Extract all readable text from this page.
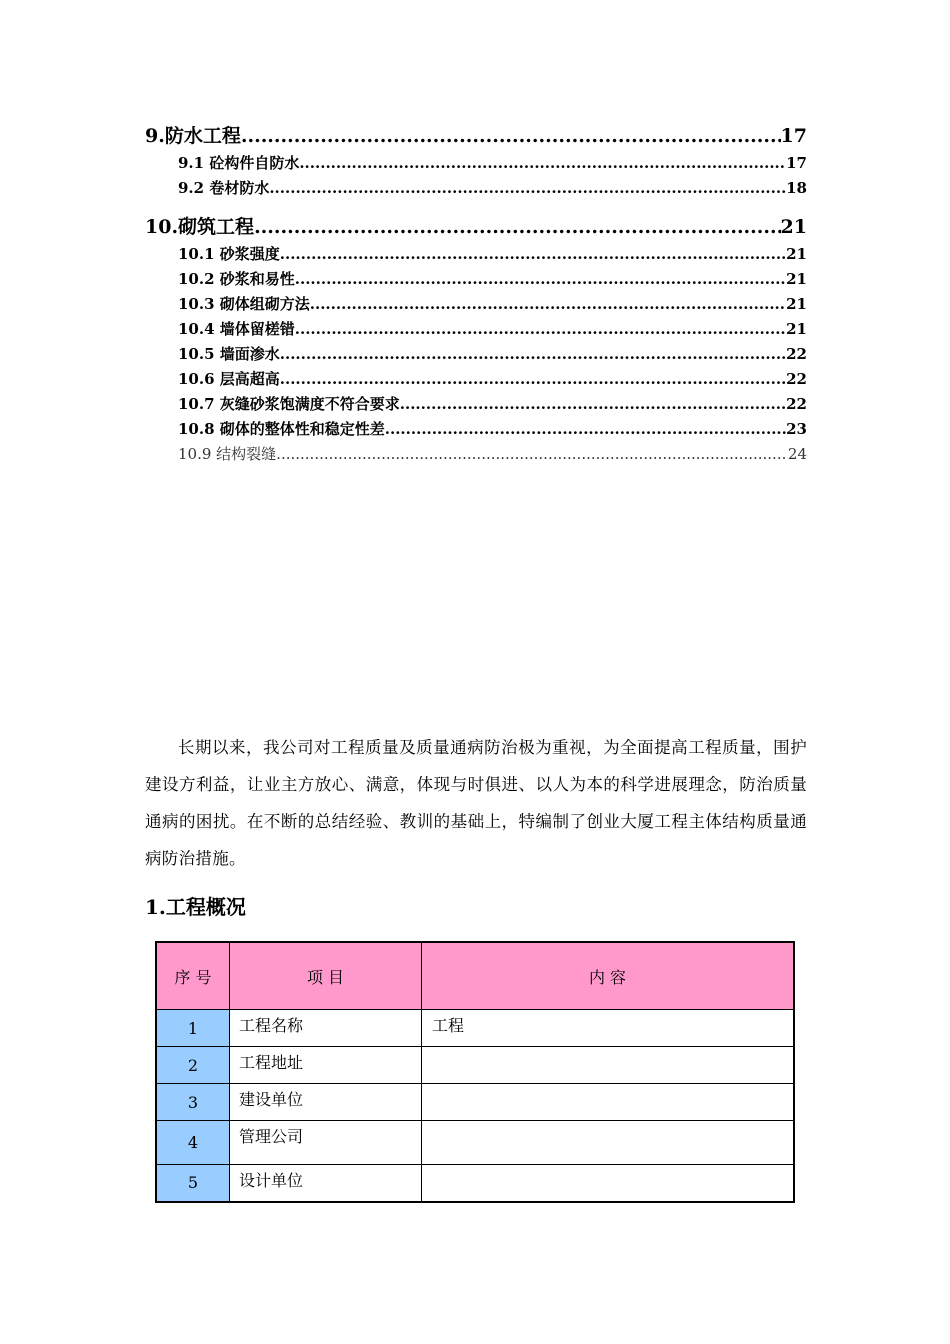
9.防水工程 .....	17
9.1 砼构件自防水 .....	17
9.2 卷材防水 .....	18
10.砌筑工程 .....	21
10.1 砂浆强度 .....	21
10.2 砂浆和易性 .....	21
10.3 砌体组砌方法 .....	21
10.4 墙体留槎错 .....	21
10.5 墙面渗水 .....	22
10.6 层高超高 .....	22
10.7 灰缝砂浆饱满度不符合要求 .....	22
10.8 砌体的整体性和稳定性差 .....	23
10.9 结构裂缝 .....	24

长期以来，我公司对工程质量及质量通病防治极为重视，为全面提高工程质量，围护建设方利益，让业主方放心、满意，体现与时俱进、以人为本的科学进展理念，防治质量通病的困扰。在不断的总结经验、教训的基础上，特编制了创业大厦工程主体结构质量通病防治措施。

1.工程概况
序 号	项 目	内 容
1	工程名称	工程
2	工程地址	
3	建设单位	
4	管理公司	
5	设计单位	
